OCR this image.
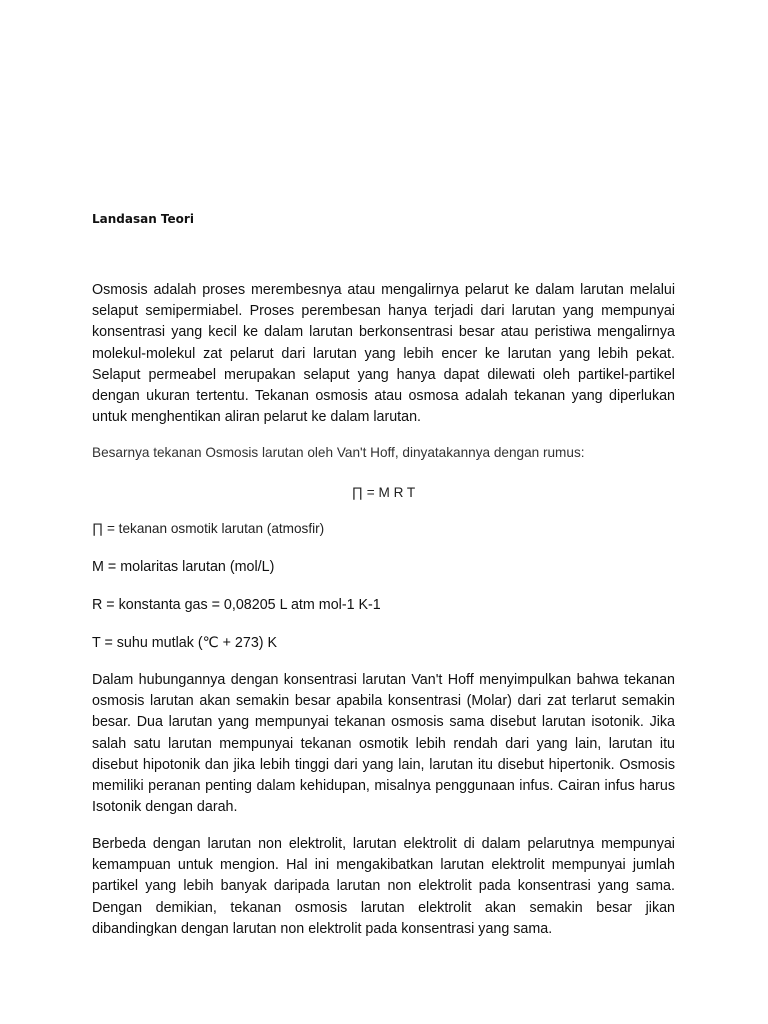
Landasan Teori

Osmosis adalah proses merembesnya atau mengalirnya pelarut ke dalam larutan melalui selaput semipermiabel. Proses perembesan hanya terjadi dari larutan yang mempunyai konsentrasi yang kecil ke dalam larutan berkonsentrasi besar atau peristiwa mengalirnya molekul-molekul zat pelarut dari larutan yang lebih encer ke larutan yang lebih pekat. Selaput permeabel merupakan selaput yang hanya dapat dilewati oleh partikel-partikel dengan ukuran tertentu. Tekanan osmosis atau osmosa adalah tekanan yang diperlukan untuk menghentikan aliran pelarut ke dalam larutan.

Besarnya tekanan Osmosis larutan oleh Van't Hoff, dinyatakannya dengan rumus:

∏ = M R T

∏ = tekanan osmotik larutan (atmosfir)

M = molaritas larutan (mol/L)

R = konstanta gas = 0,08205 L atm mol-1 K-1

T = suhu mutlak (℃ + 273) K

Dalam hubungannya dengan konsentrasi larutan Van't Hoff menyimpulkan bahwa tekanan osmosis larutan akan semakin besar apabila konsentrasi (Molar) dari zat terlarut semakin besar. Dua larutan yang mempunyai tekanan osmosis sama disebut larutan isotonik. Jika salah satu larutan mempunyai tekanan osmotik lebih rendah dari yang lain, larutan itu disebut hipotonik dan jika lebih tinggi dari yang lain, larutan itu disebut hipertonik. Osmosis memiliki peranan penting dalam kehidupan, misalnya penggunaan infus. Cairan infus harus Isotonik dengan darah.

Berbeda dengan larutan non elektrolit, larutan elektrolit di dalam pelarutnya mempunyai kemampuan untuk mengion. Hal ini mengakibatkan larutan elektrolit mempunyai jumlah partikel yang lebih banyak daripada larutan non elektrolit pada konsentrasi yang sama. Dengan demikian, tekanan osmosis larutan elektrolit akan semakin besar jikan dibandingkan dengan larutan non elektrolit pada konsentrasi yang sama.
